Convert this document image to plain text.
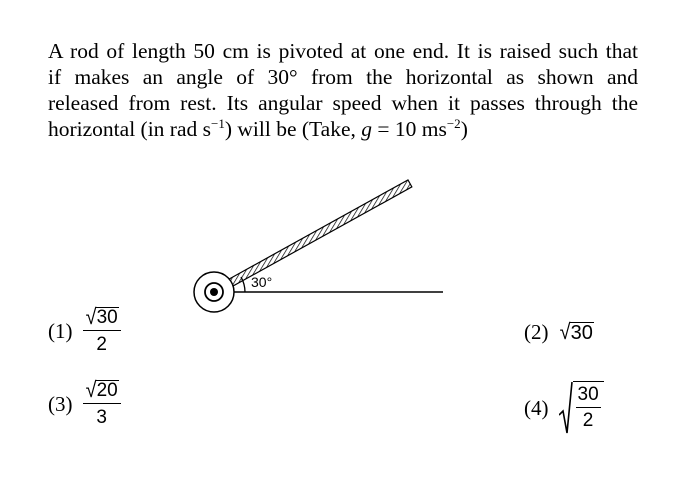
A rod of length 50 cm is pivoted at one end. It is raised such that
if makes an angle of 30° from the horizontal as shown and
released from rest. Its angular speed when it passes through the
horizontal (in rad $s^{-1}$) will be (Take, g = 10 $ms^{-2}$)
30°
$(1) \frac{√ 30}{2}$	(2) √ 30
$(3) \frac{√ 20}{3}$	(4)
30
2
